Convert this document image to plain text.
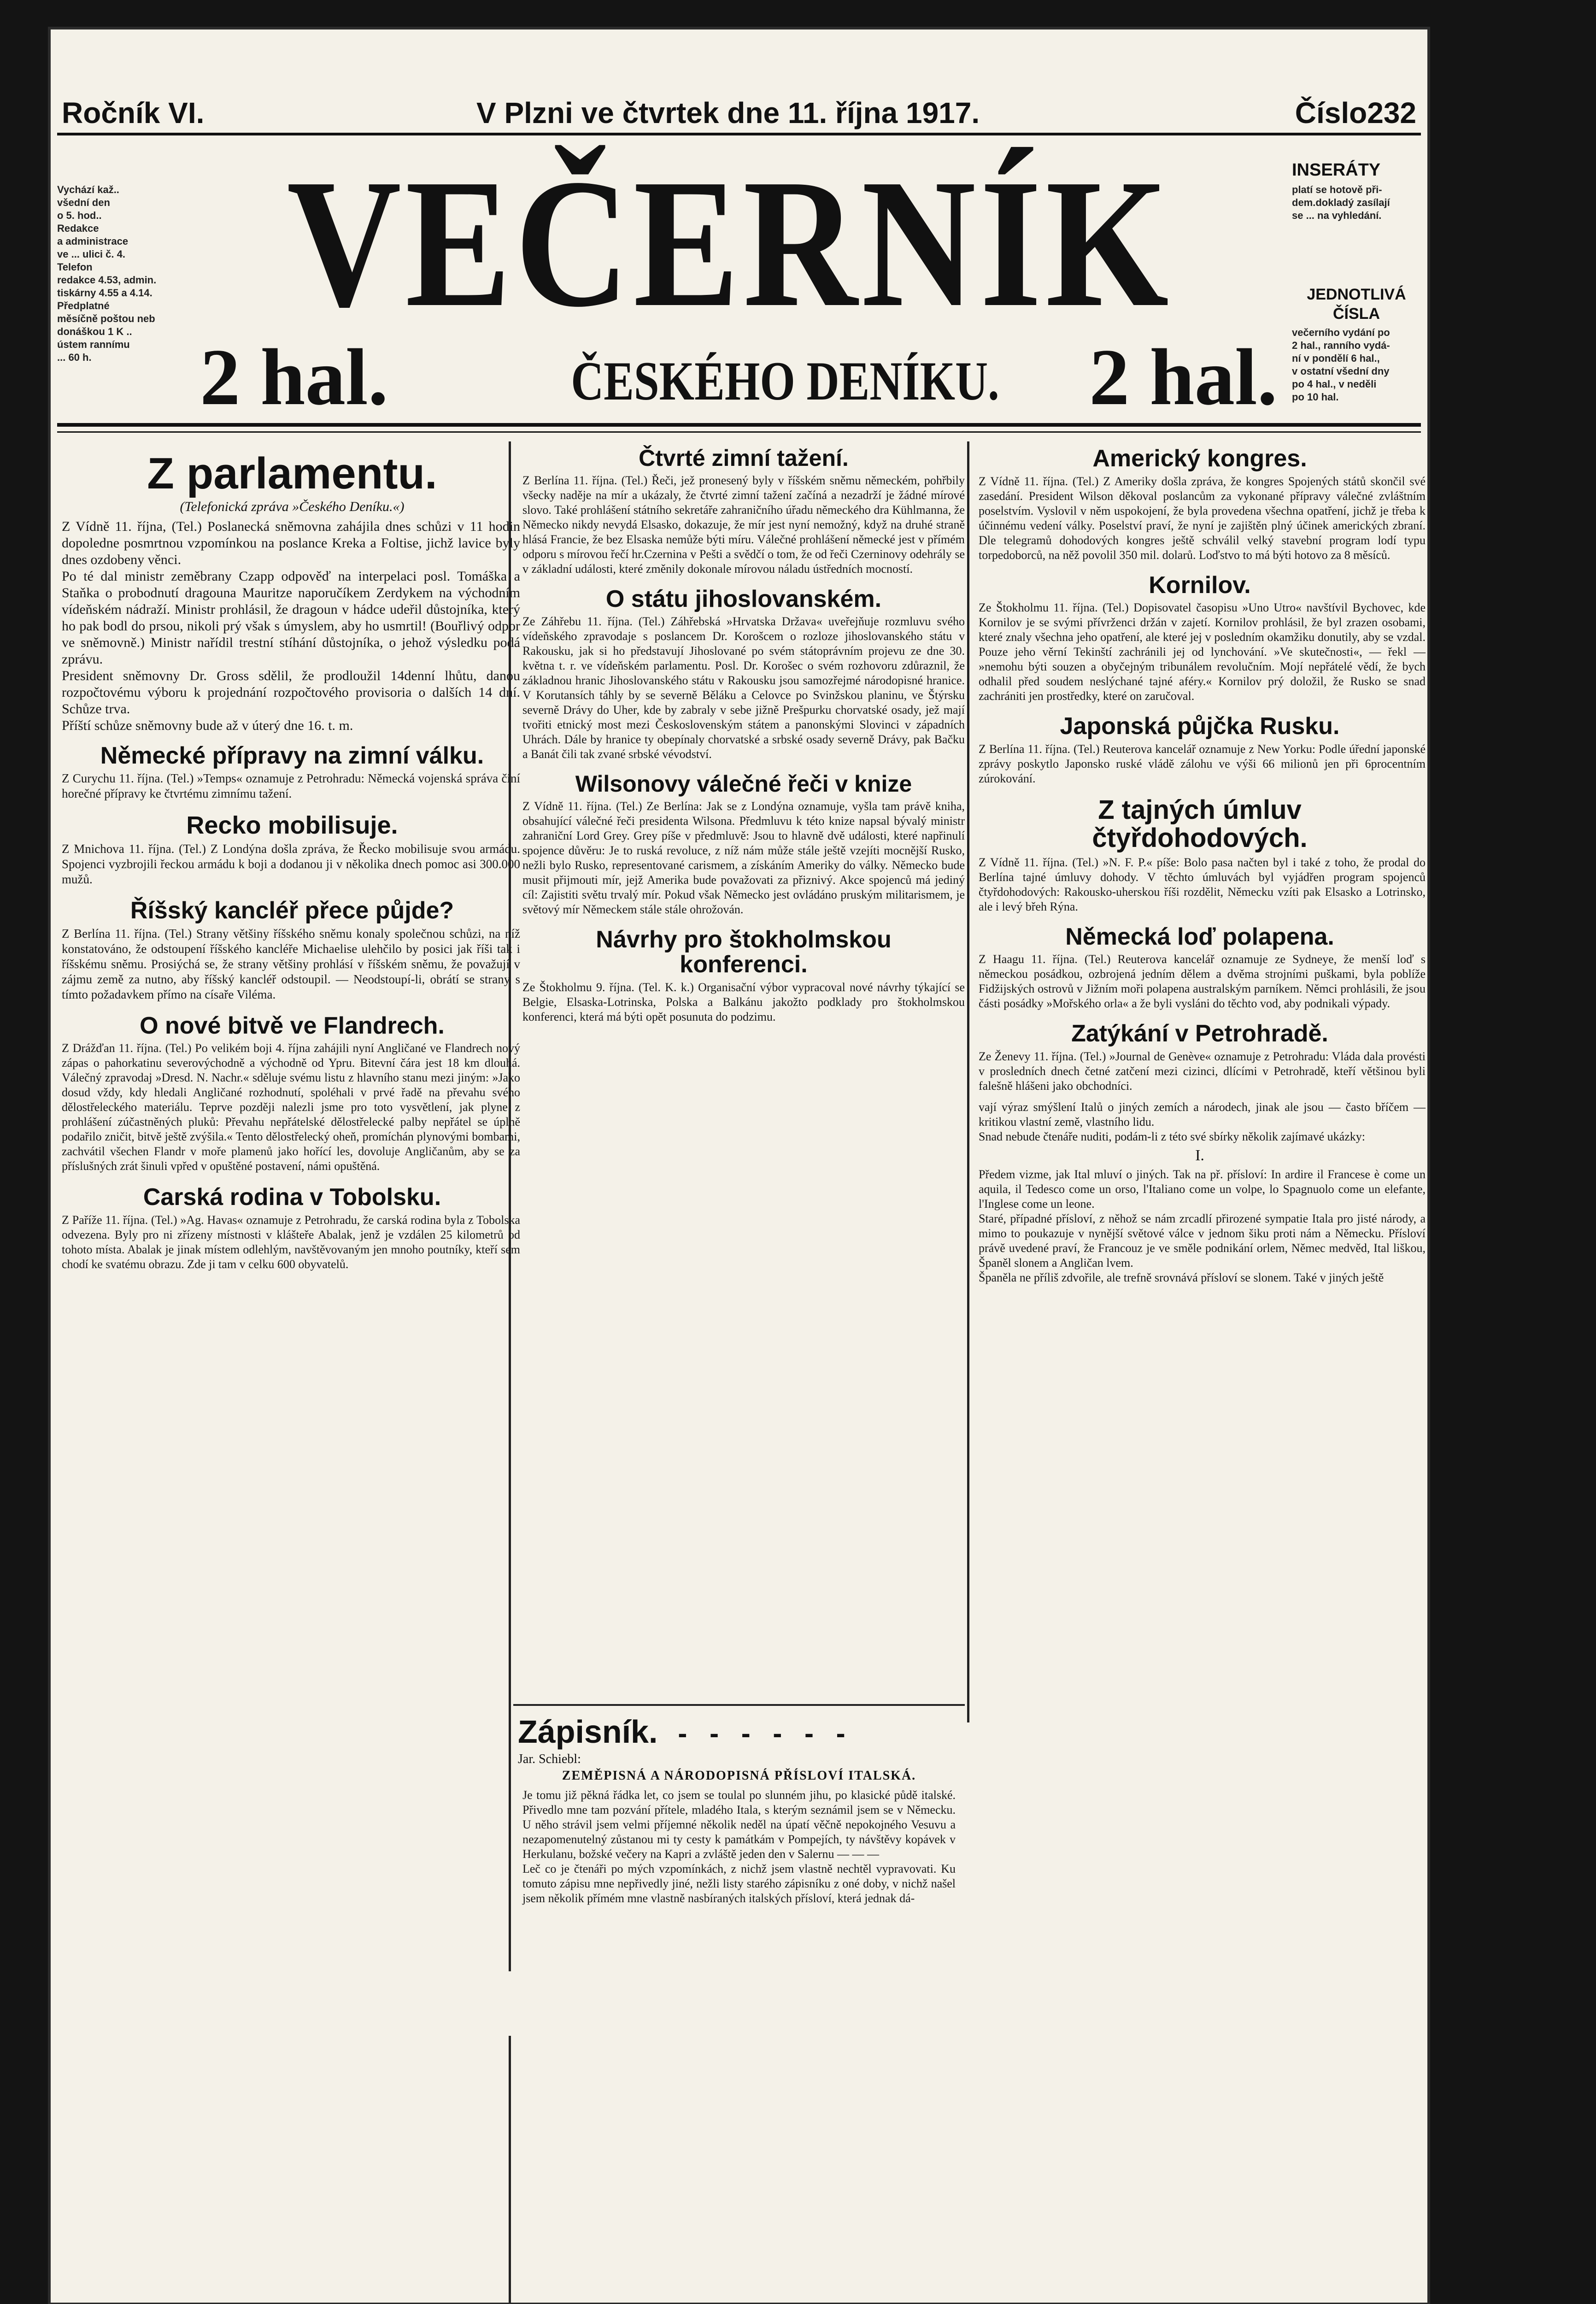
Ročník VI.	V Plzni ve čtvrtek dne 11. října 1917.	Číslo232
Vychází kaž..
všední den
o 5. hod..
Redakce
a administrace
ve ... ulici č. 4.
Telefon
redakce 4.53, admin.
tiskárny 4.55 a 4.14.
Předplatné
měsíčně poštou neb
donáškou 1 K ..
ústem rannímu
... 60 h.
VEČERNÍK
2 hal.	ČESKÉHO DENÍKU. 2 hal.
INSERÁTY
platí se hotově při-
dem.dokladý zasílají
se ... na vyhledání.
JEDNOTLIVÁ
ČÍSLA
večerního vydání po
2 hal., ranního vydá-
ní v pondělí 6 hal.,
v ostatní všední dny
po 4 hal., v neděli
po 10 hal.
Z parlamentu.
(Telefonická zpráva »Českého Deníku.«)

Z Vídně 11. října, (Tel.) Poslanecká sněmovna zahájila dnes schůzi v 11 hodin dopoledne posmrtnou vzpomínkou na poslance Kreka a Foltise, jichž lavice byly dnes ozdobeny věnci.
Po té dal ministr zeměbrany Czapp odpověď na interpelaci posl. Tomáška a Staňka o probodnutí dragouna Mauritze naporučíkem Zerdykem na východním vídeňském nádraží. Ministr prohlásil, že dragoun v hádce udeřil důstojníka, který ho pak bodl do prsou, nikoli prý však s úmyslem, aby ho usmrtil! (Bouřlivý odpor ve sněmovně.) Ministr nařídil trestní stíhání důstojníka, o jehož výsledku podá zprávu.
President sněmovny Dr. Gross sdělil, že prodloužil 14denní lhůtu, danou rozpočtovému výboru k projednání rozpočtového provisoria o dalších 14 dní. Schůze trva.
Příští schůze sněmovny bude až v úterý dne 16. t. m.

Německé přípravy na zimní válku.

Z Curychu 11. října. (Tel.) »Temps« oznamuje z Petrohradu: Německá vojenská správa činí horečné přípravy ke čtvrtému zimnímu tažení.

Recko mobilisuje.

Z Mnichova 11. října. (Tel.) Z Londýna došla zpráva, že Řecko mobilisuje svou armádu. Spojenci vyzbrojili řeckou armádu k boji a dodanou ji v několika dnech pomoc asi 300.000 mužů.

Říšský kancléř přece půjde?

Z Berlína 11. října. (Tel.) Strany většiny říšského sněmu konaly společnou schůzi, na níž konstatováno, že odstoupení říšského kancléře Michaelise ulehčilo by posici jak říši tak i říšskému sněmu. Prosiýchá se, že strany většiny prohlásí v říšském sněmu, že považují v zájmu země za nutno, aby říšský kancléř odstoupil. — Neodstoupí-li, obrátí se strany s tímto požadavkem přímo na císaře Viléma.

O nové bitvě ve Flandrech.

Z Drážďan 11. října. (Tel.) Po velikém boji 4. října zahájili nyní Angličané ve Flandrech nový zápas o pahorkatinu severovýchodně a východně od Ypru. Bitevní čára jest 18 km dlouhá. Válečný zpravodaj »Dresd. N. Nachr.« sděluje svému listu z hlavního stanu mezi jiným: »Jako dosud vždy, kdy hledali Angličané rozhodnutí, spoléhali v prvé řadě na převahu svého dělostřeleckého materiálu. Teprve později nalezli jsme pro toto vysvětlení, jak plyne z prohlášení zúčastněných pluků: Převahu nepřátelské dělostřelecké palby nepřátel se úplně podařilo zničit, bitvě ještě zvýšila.« Tento dělostřelecký oheň, promíchán plynovými bombami, zachvátil všechen Flandr v moře plamenů jako hořící les, dovoluje Angličanům, aby se za příslušných zrát šinuli vpřed v opuštěné postavení, námi opuštěná.

Carská rodina v Tobolsku.

Z Paříže 11. října. (Tel.) »Ag. Havas« oznamuje z Petrohradu, že carská rodina byla z Tobolska odvezena. Byly pro ni zřízeny místnosti v klášteře Abalak, jenž je vzdálen 25 kilometrů od tohoto místa. Abalak je jinak místem odlehlým, navštěvovaným jen mnoho poutníky, kteří sem chodí ke svatému obrazu. Zde ji tam v celku 600 obyvatelů.

Čtvrté zimní tažení.

Z Berlína 11. října. (Tel.) Řeči, jež pronesený byly v říšském sněmu německém, pohřbily všecky naděje na mír a ukázaly, že čtvrté zimní tažení začíná a nezadrží je žádné mírové slovo. Také prohlášení státního sekretáře zahraničního úřadu německého dra Kühlmanna, že Německo nikdy nevydá Elsasko, dokazuje, že mír jest nyní nemožný, když na druhé straně hlásá Francie, že bez Elsaska nemůže býti míru. Válečné prohlášení německé jest v přímém odporu s mírovou řečí hr.Czernina v Pešti a svědčí o tom, že od řeči Czerninovy odehrály se v základní události, které změnily dokonale mírovou náladu ústředních mocností.

O státu jihoslovanském.

Ze Záhřebu 11. října. (Tel.) Záhřebská »Hrvatska Država« uveřejňuje rozmluvu svého vídeňského zpravodaje s poslancem Dr. Korošcem o rozloze jihoslovanského státu v Rakousku, jak si ho představují Jihoslované po svém státoprávním projevu ze dne 30. května t. r. ve vídeňském parlamentu. Posl. Dr. Korošec o svém rozhovoru zdůraznil, že základnou hranic Jihoslovanského státu v Rakousku jsou samozřejmé národopisné hranice. V Korutansích táhly by se severně Běláku a Celovce po Svinžskou planinu, ve Štýrsku severně Drávy do Uher, kde by zabraly v sebe jižně Prešpurku chorvatské osady, jež mají tvořiti etnický most mezi Československým státem a panonskými Slovinci v západních Uhrách. Dále by hranice ty obepínaly chorvatské a srbské osady severně Drávy, pak Bačku a Banát čili tak zvané srbské vévodství.

Wilsonovy válečné řeči v knize

Z Vídně 11. října. (Tel.) Ze Berlína: Jak se z Londýna oznamuje, vyšla tam právě kniha, obsahující válečné řeči presidenta Wilsona. Předmluvu k této knize napsal bývalý ministr zahraniční Lord Grey. Grey píše v předmluvě: Jsou to hlavně dvě události, které napřinulí spojence důvěru: Je to ruská revoluce, z níž nám může stále ještě vzejíti mocnější Rusko, nežli bylo Rusko, representované carismem, a získáním Ameriky do války. Německo bude musit přijmouti mír, jejž Amerika bude považovati za přiznivý. Akce spojenců má jediný cíl: Zajistiti světu trvalý mír. Pokud však Německo jest ovládáno pruským militarismem, je světový mír Německem stále stále ohrožován.

Návrhy pro štokholmskou konferenci.

Ze Štokholmu 9. října. (Tel. K. k.) Organisační výbor vypracoval nové návrhy týkající se Belgie, Elsaska-Lotrinska, Polska a Balkánu jakožto podklady pro štokholmskou konferenci, která má býti opět posunuta do podzimu.

Zápisník. - - - - - -
Jar. Schiebl:
ZEMĚPISNÁ A NÁRODOPISNÁ PŘÍSLOVÍ ITALSKÁ.

Je tomu již pěkná řádka let, co jsem se toulal po slunném jihu, po klasické půdě italské. Přivedlo mne tam pozvání přítele, mladého Itala, s kterým seznámil jsem se v Německu. U něho strávil jsem velmi příjemné několik neděl na úpatí věčně nepokojného Vesuvu a nezapomenutelný zůstanou mi ty cesty k památkám v Pompejích, ty návštěvy kopávek v Herkulanu, božské večery na Kapri a zvláště jeden den v Salernu — — —
Leč co je čtenáři po mých vzpomínkách, z nichž jsem vlastně nechtěl vypravovati. Ku tomuto zápisu mne nepřivedly jiné, nežli listy starého zápisníku z oné doby, v nichž našel jsem několik přímém mne vlastně nasbíraných italských přísloví, která jednak dá-

Americký kongres.

Z Vídně 11. října. (Tel.) Z Ameriky došla zpráva, že kongres Spojených států skončil své zasedání. President Wilson děkoval poslancům za vykonané přípravy válečné zvláštním poselstvím. Vyslovil v něm uspokojení, že byla provedena všechna opatření, jichž je třeba k účinnému vedení války. Poselství praví, že nyní je zajištěn plný účinek amerických zbraní. Dle telegramů dohodových kongres ještě schválil velký stavební program lodí typu torpedoborců, na něž povolil 350 mil. dolarů. Loďstvo to má býti hotovo za 8 měsíců.

Kornilov.

Ze Štokholmu 11. října. (Tel.) Dopisovatel časopisu »Uno Utro« navštívil Bychovec, kde Kornilov je se svými přívrženci držán v zajetí. Kornilov prohlásil, že byl zrazen osobami, které znaly všechna jeho opatření, ale které jej v posledním okamžiku donutily, aby se vzdal. Pouze jeho věrní Tekinští zachránili jej od lynchování. »Ve skutečnosti«, — řekl — »nemohu býti souzen a obyčejným tribunálem revolučním. Mojí nepřátelé vědí, že bych odhalil před soudem neslýchané tajné aféry.« Kornilov prý doložil, že Rusko se snad zachrániti jen prostředky, které on zaručoval.

Japonská půjčka Rusku.

Z Berlína 11. října. (Tel.) Reuterova kancelář oznamuje z New Yorku: Podle úřední japonské zprávy poskytlo Japonsko ruské vládě zálohu ve výši 66 milionů jen při 6procentním zúrokování.

Z tajných úmluv čtyřdohodových.

Z Vídně 11. října. (Tel.) »N. F. P.« píše: Bolo pasa načten byl i také z toho, že prodal do Berlína tajné úmluvy dohody. V těchto úmluvách byl vyjádřen program spojenců čtyřdohodových: Rakousko-uherskou říši rozdělit, Německu vzíti pak Elsasko a Lotrinsko, ale i levý břeh Rýna.

Německá loď polapena.

Z Haagu 11. října. (Tel.) Reuterova kancelář oznamuje ze Sydneye, že menší loď s německou posádkou, ozbrojená jedním dělem a dvěma strojními puškami, byla poblíže Fidžijských ostrovů v Jižním moři polapena australským parníkem. Němci prohlásili, že jsou části posádky »Mořského orla« a že byli vysláni do těchto vod, aby podnikali výpady.

Zatýkání v Petrohradě.

Ze Ženevy 11. října. (Tel.) »Journal de Genève« oznamuje z Petrohradu: Vláda dala provésti v prosledních dnech četné zatčení mezi cizinci, dlícími v Petrohradě, kteří většinou byli falešně hlášeni jako obchodníci.

vají výraz smýšlení Italů o jiných zemích a národech, jinak ale jsou — často bříčem — kritikou vlastní země, vlastního lidu.
Snad nebude čtenáře nuditi, podám-li z této své sbírky několik zajímavé ukázky:

I.

Předem vizme, jak Ital mluví o jiných. Tak na př. přísloví: In ardire il Francese è come un aquila, il Tedesco come un orso, l'Italiano come un volpe, lo Spagnuolo come un elefante, l'Inglese come un leone.
Staré, případné přísloví, z něhož se nám zrcadlí přirozené sympatie Itala pro jisté národy, a mimo to poukazuje v nynější světové válce v jednom šiku proti nám a Německu. Přísloví právě uvedené praví, že Francouz je ve směle podnikání orlem, Němec medvěd, Ital liškou, Španěl slonem a Angličan lvem.
Španěla ne příliš zdvořile, ale trefně srovnává přísloví se slonem. Také v jiných ještě
